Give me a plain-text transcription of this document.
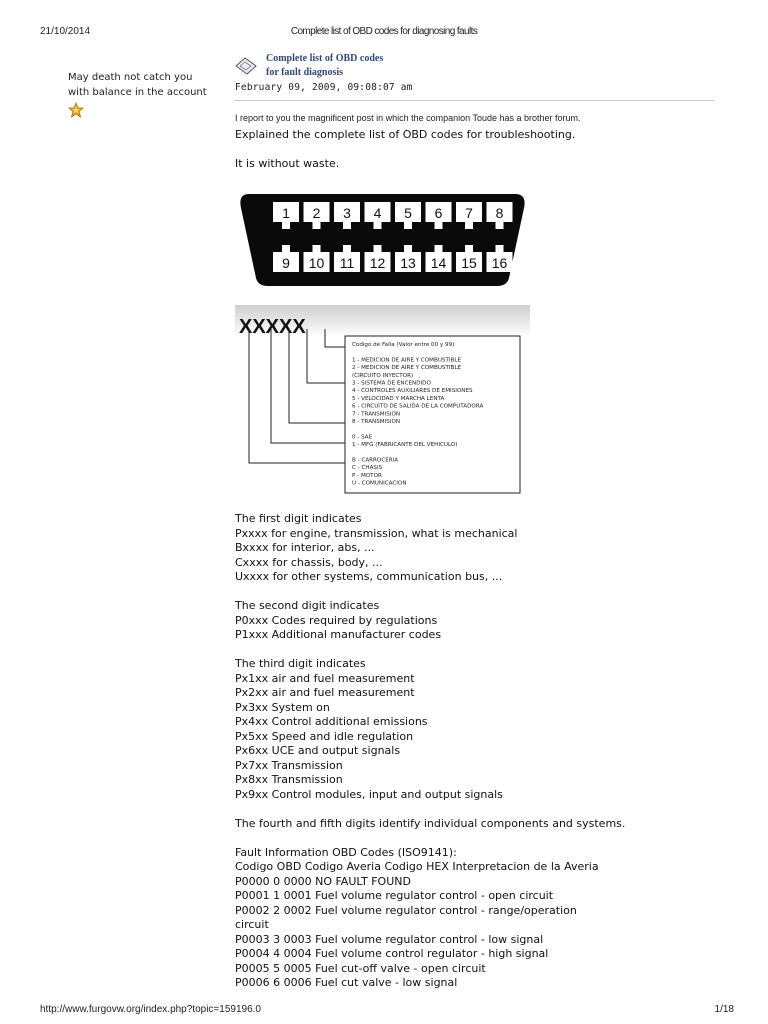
21/10/2014	Complete list of OBD codes for diagnosing faults
May death not catch you
with balance in the account
Complete list of OBD codes
for fault diagnosis
February 09, 2009, 09:08:07 am
I report to you the magnificent post in which the companion Toude has a brother forum.
Explained the complete list of OBD codes for troubleshooting.
It is without waste.
1 2 3 4 5 6 7 8
9 10 11 12 13 14 15 16
XXXXX
Codigo de Falla (Valor entre 00 y 99)
1 - MEDICION DE AIRE Y COMBUSTIBLE
2 - MEDICION DE AIRE Y COMBUSTIBLE
(CIRCUITO INYECTOR)
3 - SISTEMA DE ENCENDIDO
4 - CONTROLES AUXILIARES DE EMISIONES
5 - VELOCIDAD Y MARCHA LENTA
6 - CIRCUITO DE SALIDA DE LA COMPUTADORA
7 - TRANSMISION
8 - TRANSMISION
0 - SAE
1 - MFG (FABRICANTE DEL VEHICULO)
B - CARROCERIA
C - CHASIS
P - MOTOR
U - COMUNICACION
The first digit indicates
Pxxxx for engine, transmission, what is mechanical
Bxxxx for interior, abs, ...
Cxxxx for chassis, body, ...
Uxxxx for other systems, communication bus, ...
The second digit indicates
P0xxx Codes required by regulations
P1xxx Additional manufacturer codes
The third digit indicates
Px1xx air and fuel measurement
Px2xx air and fuel measurement
Px3xx System on
Px4xx Control additional emissions
Px5xx Speed and idle regulation
Px6xx UCE and output signals
Px7xx Transmission
Px8xx Transmission
Px9xx Control modules, input and output signals
The fourth and fifth digits identify individual components and systems.
Fault Information OBD Codes (ISO9141):
Codigo OBD Codigo Averia Codigo HEX Interpretacion de la Averia
P0000 0 0000 NO FAULT FOUND
P0001 1 0001 Fuel volume regulator control - open circuit
P0002 2 0002 Fuel volume regulator control - range/operation
circuit
P0003 3 0003 Fuel volume regulator control - low signal
P0004 4 0004 Fuel volume control regulator - high signal
P0005 5 0005 Fuel cut-off valve - open circuit
P0006 6 0006 Fuel cut valve - low signal
http://www.furgovw.org/index.php?topic=159196.0	1/18
